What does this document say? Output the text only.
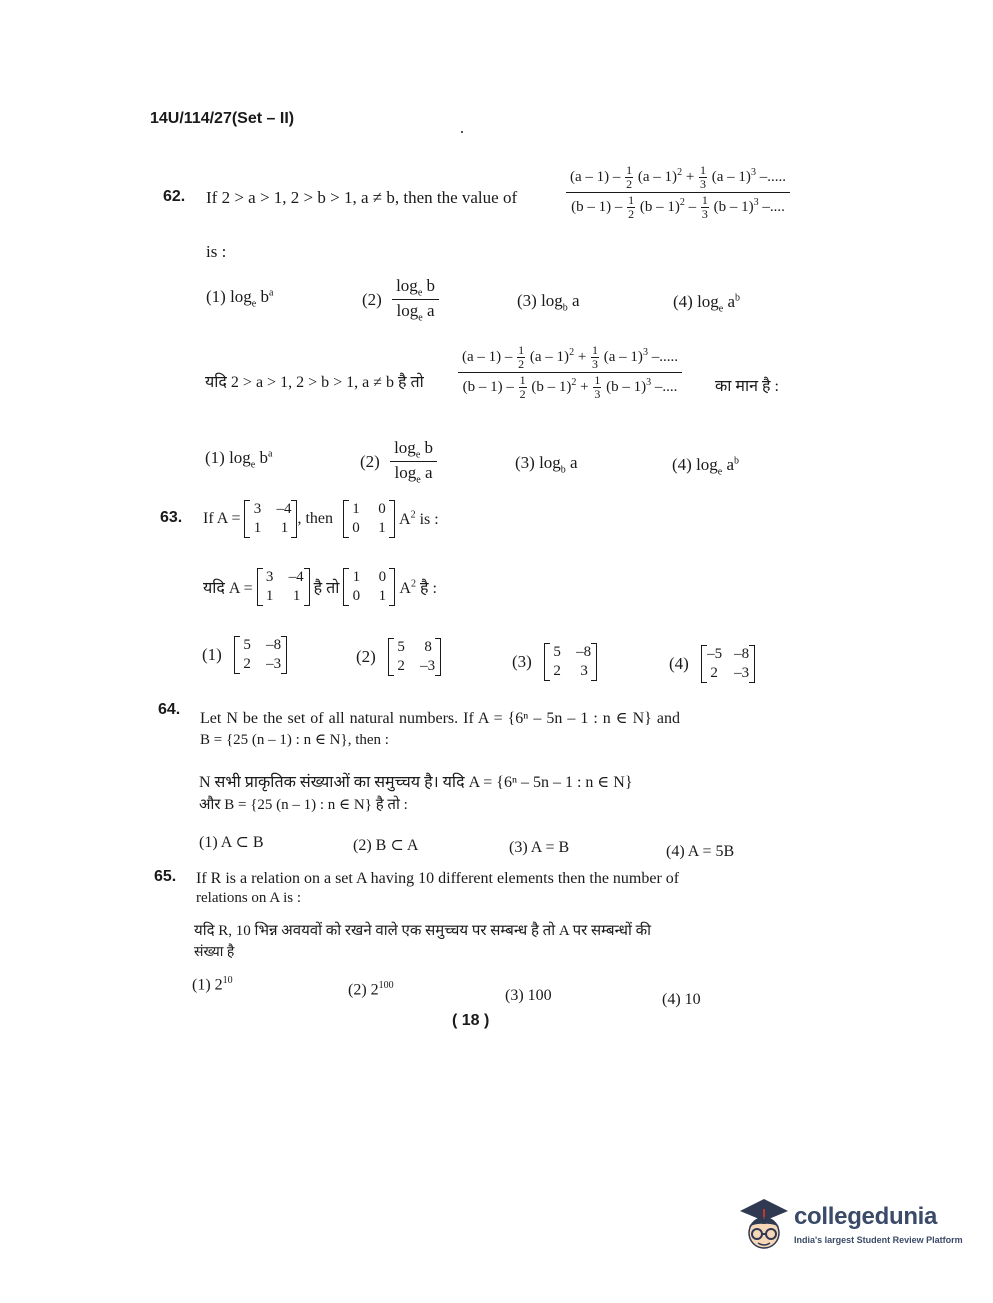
14U/114/27(Set – II)
62. If 2 > a > 1, 2 > b > 1, a ≠ b, then the value of
$(a - 1) - \frac{1}{2} (a - 1)^2 + \frac{1}{3} (a - 1)^3$ –.....
$(b - 1) - \frac{1}{2} (b - 1)^2 - \frac{1}{3} (b - 1)^3$ –....
is :
(1) $\log_e b^a$	$(2) \frac{\log_e b}{\log_e a}$	(3) $\log_b a$	(4) $\log_e a^b$
यदि 2 > a > 1, 2 > b > 1, a ≠ b है तो
$(a - 1) - \frac{1}{2} (a - 1)^2 + \frac{1}{3} (a - 1)^3$ –.....
$(b - 1) - \frac{1}{2} (b - 1)^2 + \frac{1}{3} (b - 1)^3$ –.... का मान है :
(1) $\log_e b^a$	$(2) \frac{\log_e b}{\log_e a}$	(3) $\log_b a$	(4) $\log_e a^b$
63. If A =
3 –4
1 1
, then
1 0
0 1
$A^2$ is :
यदि A =
3 –4
1 1 है तो
1 0
0 1 $A^2$ है :
(1) 5 –8
2 –3	(2) 5 8
2 –3	(3) 5 –8
2 3	(4) –5 –8
2 –3
64.
Let N be the set of all natural numbers. If A = {6ⁿ – 5n – 1 : n ∈ N} and
B = {25 (n – 1) : n ∈ N}, then :
N सभी प्राकृतिक संख्याओं का समुच्चय है। यदि A = {6ⁿ – 5n – 1 : n ∈ N}
और B = {25 (n – 1) : n ∈ N} है तो :
(1) A ⊂ B	(2) B ⊂ A	(3) A = B	(4) A = 5B
65. If R is a relation on a set A having 10 different elements then the number of
relations on A is :
यदि R, 10 भिन्न अवयवों को रखने वाले एक समुच्चय पर सम्बन्ध है तो A पर सम्बन्धों की
संख्या है
(1) $2^{10}$
(2) $2^{100}$
(3) 100	(4) 10
( 18 )
collegedunia
India's largest Student Review Platform
